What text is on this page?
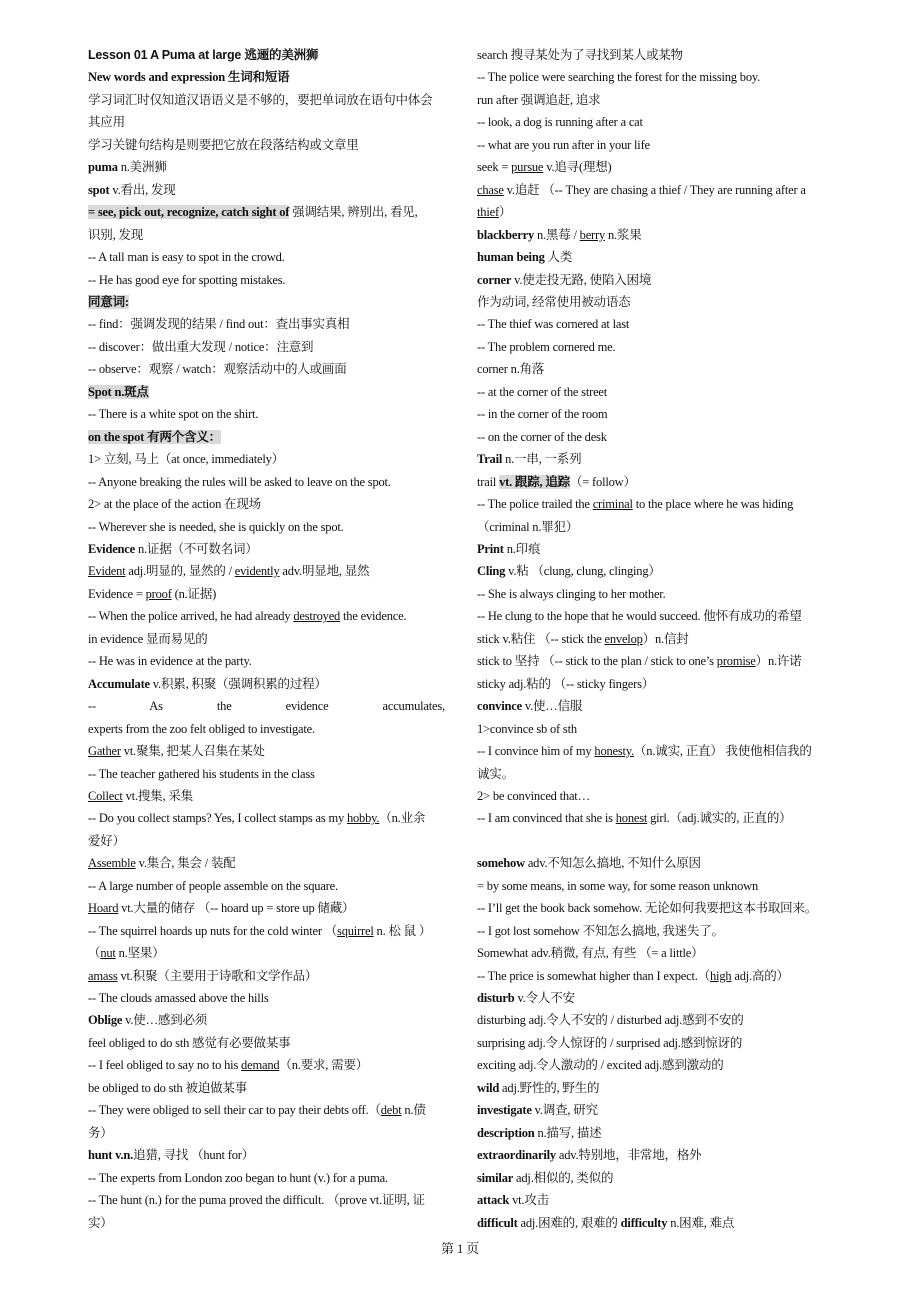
Lesson 01 A Puma at large 逃逦的美洲狮
New words and expression 生词和短语
学习词汇时仅知道汉语语义是不够的，要把单词放在语句中体会
其应用
学习关键句结构是则要把它放在段落结构或文章里
puma n.美洲狮
spot v.看出, 发现
= see, pick out, recognize, catch sight of 强调结果, 辨别出, 看见,
识别, 发现
-- A tall man is easy to spot in the crowd.
-- He has good eye for spotting mistakes.
同意词:
-- find：强调发现的结果 / find out：查出事实真相
-- discover：做出重大发现 / notice：注意到
-- observe：观察 / watch：观察活动中的人或画面
Spot n.斑点
-- There is a white spot on the shirt.
on the spot 有两个含义：
1> 立刻, 马上（at once, immediately）
-- Anyone breaking the rules will be asked to leave on the spot.
2> at the place of the action 在现场
-- Wherever she is needed, she is quickly on the spot.
Evidence n.证据（不可数名词）
Evident adj.明显的, 显然的 / evidently adv.明显地, 显然
Evidence = proof (n.证据)
-- When the police arrived, he had already destroyed the evidence.
in evidence 显而易见的
-- He was in evidence at the party.
Accumulate v.积累, 积聚（强调积累的过程）
-- As the evidence accumulates,
experts from the zoo felt obliged to investigate.
Gather vt.聚集, 把某人召集在某处
-- The teacher gathered his students in the class
Collect vt.搜集, 采集
-- Do you collect stamps? Yes, I collect stamps as my hobby.（n.业余
爱好）
Assemble v.集合, 集会 / 装配
-- A large number of people assemble on the square.
Hoard vt.大量的储存 （-- hoard up = store up 储藏）
-- The squirrel hoards up nuts for the cold winter （squirrel n. 松 鼠 ）
（nut n.坚果）
amass vt.积聚（主要用于诗歌和文学作品）
-- The clouds amassed above the hills
Oblige v.使…感到必须
feel obliged to do sth 感觉有必要做某事
-- I feel obliged to say no to his demand（n.要求, 需要）
be obliged to do sth 被迫做某事
-- They were obliged to sell their car to pay their debts off.（debt n.债
务）
hunt v.n.追猎, 寻找 （hunt for）
-- The experts from London zoo began to hunt (v.) for a puma.
-- The hunt (n.) for the puma proved the difficult. （prove vt.证明, 证
实）
search 搜寻某处为了寻找到某人或某物
-- The police were searching the forest for the missing boy.
run after 强调追赶, 追求
-- look, a dog is running after a cat
-- what are you run after in your life
seek = pursue v.追寻(理想)
chase v.追赶 （-- They are chasing a thief / They are running after a
thief）
blackberry n.黑莓 / berry n.浆果
human being 人类
corner v.使走投无路, 使陷入困境
作为动词, 经常使用被动语态
-- The thief was cornered at last
-- The problem cornered me.
corner n.角落
-- at the corner of the street
-- in the corner of the room
-- on the corner of the desk
Trail n.一串, 一系列
trail vt. 跟踪, 追踪（= follow）
-- The police trailed the criminal to the place where he was hiding
（criminal n.罪犯）
Print n.印痕
Cling v.粘 （clung, clung, clinging）
-- She is always clinging to her mother.
-- He clung to the hope that he would succeed. 他怀有成功的希望
stick v.粘住 （-- stick the envelop）n.信封
stick to 坚持 （-- stick to the plan / stick to one’s promise）n.许诺
sticky adj.粘的 （-- sticky fingers）
convince v.使…信服
1>convince sb of sth
-- I convince him of my honesty.（n.诚实, 正直） 我使他相信我的
诚实。
2> be convinced that…
-- I am convinced that she is honest girl.（adj.诚实的, 正直的）
somehow adv.不知怎么搞地, 不知什么原因
= by some means, in some way, for some reason unknown
-- I’ll get the book back somehow. 无论如何我要把这本书取回来。
-- I got lost somehow 不知怎么搞地, 我迷失了。
Somewhat adv.稍微, 有点, 有些 （= a little）
-- The price is somewhat higher than I expect.（high adj.高的）
disturb v.令人不安
disturbing adj.令人不安的 / disturbed adj.感到不安的
surprising adj.令人惊讶的 / surprised adj.感到惊讶的
exciting adj.令人激动的 / excited adj.感到激动的
wild adj.野性的, 野生的
investigate v.调查, 研究
description n.描写, 描述
extraordinarily adv.特别地，非常地，格外
similar adj.相似的, 类似的
attack vt.攻击
difficult adj.困难的, 艰难的 difficulty n.困难, 难点
第 1 页
